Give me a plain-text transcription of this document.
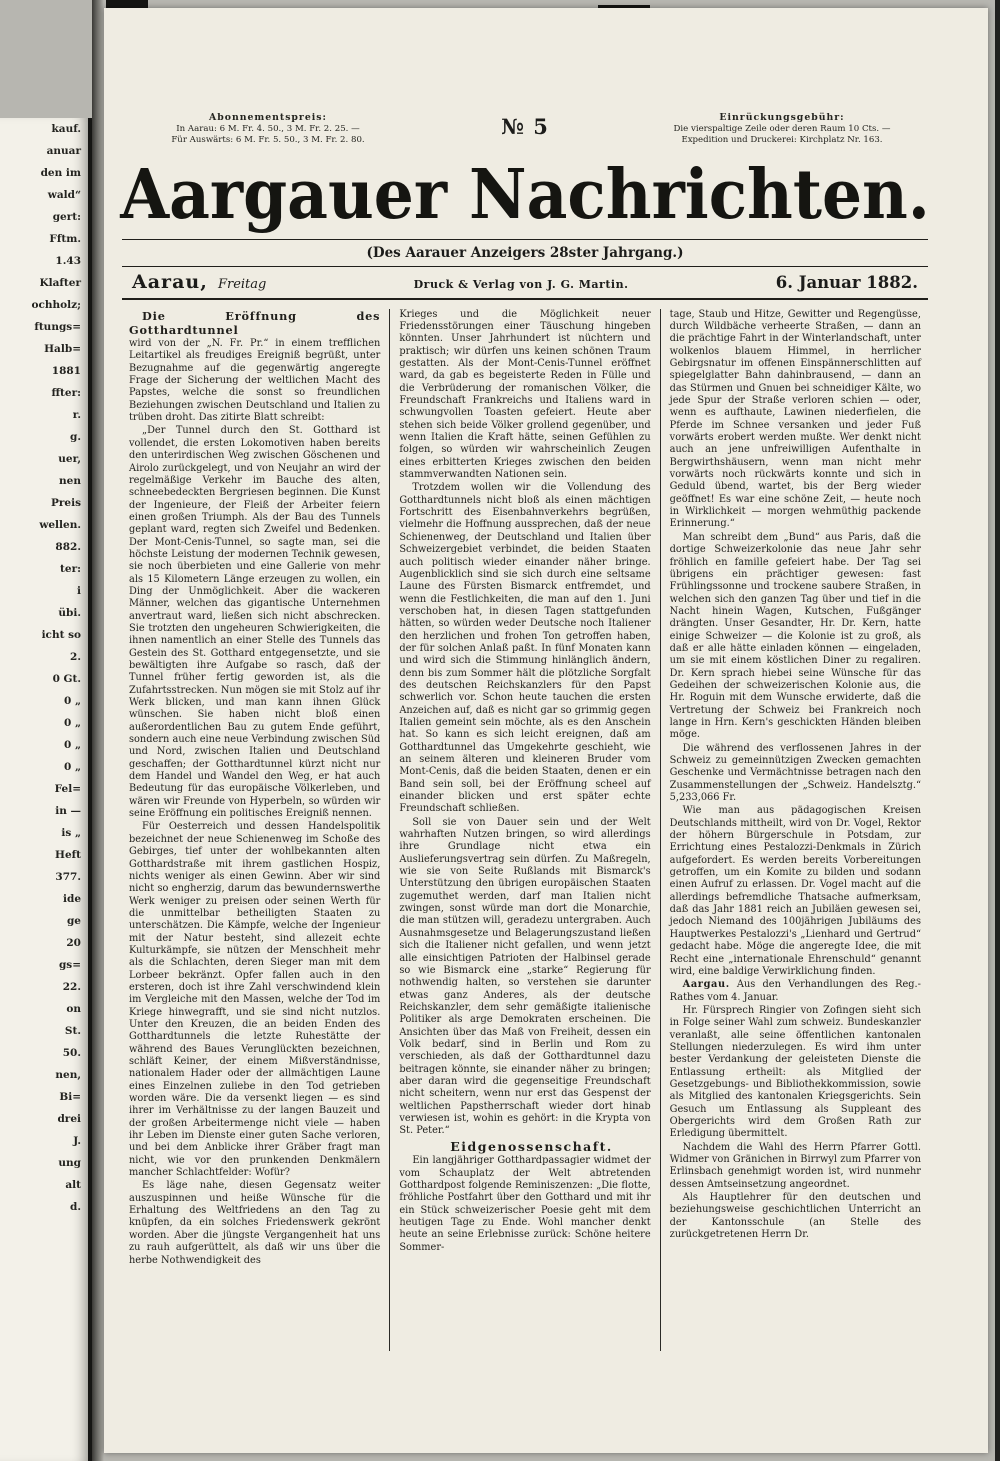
kauf.
anuar
den im
wald“
gert:
Fftm.
1.43
Klafter
ochholz;
ftungs=
Halb=
1881
ffter:
r.
g.
uer,
nen
Preis
wellen.
882.
ter:
i
übi.
icht so
2.
0 Gt.
0 „
0 „
0 „
0 „
Fel=
in —
is „
Heft
377.
ide
ge
20
gs=
22.
on
St.
50.
nen,
Bi=
drei
J.
ung
alt
d.
Abonnementspreis:
In Aarau: 6 M. Fr. 4. 50., 3 M. Fr. 2. 25. —
Für Auswärts: 6 M. Fr. 5. 50., 3 M. Fr. 2. 80.
№ 5	Einrückungsgebühr:
Die vierspaltige Zeile oder deren Raum 10 Cts. —
Expedition und Druckerei: Kirchplatz Nr. 163.
Aargauer Nachrichten.
(Des Aarauer Anzeigers 28ster Jahrgang.)
Aarau, Freitag	Druck & Verlag von J. G. Martin.	6. Januar 1882.

Die Eröffnung des Gotthardtunnel

wird von der „N. Fr. Pr.“ in einem trefflichen Leitartikel als freudiges Ereigniß begrüßt, unter Bezugnahme auf die gegenwärtig angeregte Frage der Sicherung der weltlichen Macht des Papstes, welche die sonst so freundlichen Beziehungen zwischen Deutschland und Italien zu trüben droht. Das zitirte Blatt schreibt:

„Der Tunnel durch den St. Gotthard ist vollendet, die ersten Lokomotiven haben bereits den unterirdischen Weg zwischen Göschenen und Airolo zurückgelegt, und von Neujahr an wird der regelmäßige Verkehr im Bauche des alten, schneebedeckten Bergriesen beginnen. Die Kunst der Ingenieure, der Fleiß der Arbeiter feiern einen großen Triumph. Als der Bau des Tunnels geplant ward, regten sich Zweifel und Bedenken. Der Mont-Cenis-Tunnel, so sagte man, sei die höchste Leistung der modernen Technik gewesen, sie noch überbieten und eine Gallerie von mehr als 15 Kilometern Länge erzeugen zu wollen, ein Ding der Unmöglichkeit. Aber die wackeren Männer, welchen das gigantische Unternehmen anvertraut ward, ließen sich nicht abschrecken. Sie trotzten den ungeheuren Schwierigkeiten, die ihnen namentlich an einer Stelle des Tunnels das Gestein des St. Gotthard entgegensetzte, und sie bewältigten ihre Aufgabe so rasch, daß der Tunnel früher fertig geworden ist, als die Zufahrtsstrecken. Nun mögen sie mit Stolz auf ihr Werk blicken, und man kann ihnen Glück wünschen. Sie haben nicht bloß einen außerordentlichen Bau zu gutem Ende geführt, sondern auch eine neue Verbindung zwischen Süd und Nord, zwischen Italien und Deutschland geschaffen; der Gotthardtunnel kürzt nicht nur dem Handel und Wandel den Weg, er hat auch Bedeutung für das europäische Völkerleben, und wären wir Freunde von Hyperbeln, so würden wir seine Eröffnung ein politisches Ereigniß nennen.

Für Oesterreich und dessen Handelspolitik bezeichnet der neue Schienenweg im Schoße des Gebirges, tief unter der wohlbekannten alten Gotthardstraße mit ihrem gastlichen Hospiz, nichts weniger als einen Gewinn. Aber wir sind nicht so engherzig, darum das bewundernswerthe Werk weniger zu preisen oder seinen Werth für die unmittelbar betheiligten Staaten zu unterschätzen. Die Kämpfe, welche der Ingenieur mit der Natur besteht, sind allezeit echte Kulturkämpfe, sie nützen der Menschheit mehr als die Schlachten, deren Sieger man mit dem Lorbeer bekränzt. Opfer fallen auch in den ersteren, doch ist ihre Zahl verschwindend klein im Vergleiche mit den Massen, welche der Tod im Kriege hinwegrafft, und sie sind nicht nutzlos. Unter den Kreuzen, die an beiden Enden des Gotthardtunnels die letzte Ruhestätte der während des Baues Verunglückten bezeichnen, schläft Keiner, der einem Mißverständnisse, nationalem Hader oder der allmächtigen Laune eines Einzelnen zuliebe in den Tod getrieben worden wäre. Die da versenkt liegen — es sind ihrer im Verhältnisse zu der langen Bauzeit und der großen Arbeitermenge nicht viele — haben ihr Leben im Dienste einer guten Sache verloren, und bei dem Anblicke ihrer Gräber fragt man nicht, wie vor den prunkenden Denkmälern mancher Schlachtfelder: Wofür?

Es läge nahe, diesen Gegensatz weiter auszuspinnen und heiße Wünsche für die Erhaltung des Weltfriedens an den Tag zu knüpfen, da ein solches Friedenswerk gekrönt worden. Aber die jüngste Vergangenheit hat uns zu rauh aufgerüttelt, als daß wir uns über die herbe Nothwendigkeit des

Krieges und die Möglichkeit neuer Friedensstörungen einer Täuschung hingeben könnten. Unser Jahrhundert ist nüchtern und praktisch; wir dürfen uns keinen schönen Traum gestatten. Als der Mont-Cenis-Tunnel eröffnet ward, da gab es begeisterte Reden in Fülle und die Verbrüderung der romanischen Völker, die Freundschaft Frankreichs und Italiens ward in schwungvollen Toasten gefeiert. Heute aber stehen sich beide Völker grollend gegenüber, und wenn Italien die Kraft hätte, seinen Gefühlen zu folgen, so würden wir wahrscheinlich Zeugen eines erbitterten Krieges zwischen den beiden stammverwandten Nationen sein.

Trotzdem wollen wir die Vollendung des Gotthardtunnels nicht bloß als einen mächtigen Fortschritt des Eisenbahnverkehrs begrüßen, vielmehr die Hoffnung aussprechen, daß der neue Schienenweg, der Deutschland und Italien über Schweizergebiet verbindet, die beiden Staaten auch politisch wieder einander näher bringe. Augenblicklich sind sie sich durch eine seltsame Laune des Fürsten Bismarck entfremdet, und wenn die Festlichkeiten, die man auf den 1. Juni verschoben hat, in diesen Tagen stattgefunden hätten, so würden weder Deutsche noch Italiener den herzlichen und frohen Ton getroffen haben, der für solchen Anlaß paßt. In fünf Monaten kann und wird sich die Stimmung hinlänglich ändern, denn bis zum Sommer hält die plötzliche Sorgfalt des deutschen Reichskanzlers für den Papst schwerlich vor. Schon heute tauchen die ersten Anzeichen auf, daß es nicht gar so grimmig gegen Italien gemeint sein möchte, als es den Anschein hat. So kann es sich leicht ereignen, daß am Gotthardtunnel das Umgekehrte geschieht, wie an seinem älteren und kleineren Bruder vom Mont-Cenis, daß die beiden Staaten, denen er ein Band sein soll, bei der Eröffnung scheel auf einander blicken und erst später echte Freundschaft schließen.

Soll sie von Dauer sein und der Welt wahrhaften Nutzen bringen, so wird allerdings ihre Grundlage nicht etwa ein Auslieferungsvertrag sein dürfen. Zu Maßregeln, wie sie von Seite Rußlands mit Bismarck's Unterstützung den übrigen europäischen Staaten zugemuthet werden, darf man Italien nicht zwingen, sonst würde man dort die Monarchie, die man stützen will, geradezu untergraben. Auch Ausnahmsgesetze und Belagerungszustand ließen sich die Italiener nicht gefallen, und wenn jetzt alle einsichtigen Patrioten der Halbinsel gerade so wie Bismarck eine „starke“ Regierung für nothwendig halten, so verstehen sie darunter etwas ganz Anderes, als der deutsche Reichskanzler, dem sehr gemäßigte italienische Politiker als arge Demokraten erscheinen. Die Ansichten über das Maß von Freiheit, dessen ein Volk bedarf, sind in Berlin und Rom zu verschieden, als daß der Gotthardtunnel dazu beitragen könnte, sie einander näher zu bringen; aber daran wird die gegenseitige Freundschaft nicht scheitern, wenn nur erst das Gespenst der weltlichen Papstherrschaft wieder dort hinab verwiesen ist, wohin es gehört: in die Krypta von St. Peter.“

Eidgenossenschaft.

Ein langjähriger Gotthardpassagier widmet der vom Schauplatz der Welt abtretenden Gotthardpost folgende Reminiszenzen: „Die flotte, fröhliche Postfahrt über den Gotthard und mit ihr ein Stück schweizerischer Poesie geht mit dem heutigen Tage zu Ende. Wohl mancher denkt heute an seine Erlebnisse zurück: Schöne heitere Sommer-

tage, Staub und Hitze, Gewitter und Regengüsse, durch Wildbäche verheerte Straßen, — dann an die prächtige Fahrt in der Winterlandschaft, unter wolkenlos blauem Himmel, in herrlicher Gebirgsnatur im offenen Einspännerschlitten auf spiegelglatter Bahn dahinbrausend, — dann an das Stürmen und Gnuen bei schneidiger Kälte, wo jede Spur der Straße verloren schien — oder, wenn es aufthaute, Lawinen niederfielen, die Pferde im Schnee versanken und jeder Fuß vorwärts erobert werden mußte. Wer denkt nicht auch an jene unfreiwilligen Aufenthalte in Bergwirthshäusern, wenn man nicht mehr vorwärts noch rückwärts konnte und sich in Geduld übend, wartet, bis der Berg wieder geöffnet! Es war eine schöne Zeit, — heute noch in Wirklichkeit — morgen wehmüthig packende Erinnerung.“

Man schreibt dem „Bund“ aus Paris, daß die dortige Schweizerkolonie das neue Jahr sehr fröhlich en famille gefeiert habe. Der Tag sei übrigens ein prächtiger gewesen: fast Frühlingssonne und trockene saubere Straßen, in welchen sich den ganzen Tag über und tief in die Nacht hinein Wagen, Kutschen, Fußgänger drängten. Unser Gesandter, Hr. Dr. Kern, hatte einige Schweizer — die Kolonie ist zu groß, als daß er alle hätte einladen können — eingeladen, um sie mit einem köstlichen Diner zu regaliren. Dr. Kern sprach hiebei seine Wünsche für das Gedeihen der schweizerischen Kolonie aus, die Hr. Roguin mit dem Wunsche erwiderte, daß die Vertretung der Schweiz bei Frankreich noch lange in Hrn. Kern's geschickten Händen bleiben möge.

Die während des verflossenen Jahres in der Schweiz zu gemeinnützigen Zwecken gemachten Geschenke und Vermächtnisse betragen nach den Zusammenstellungen der „Schweiz. Handelsztg.“ 5,233,066 Fr.

Wie man aus pädagogischen Kreisen Deutschlands mittheilt, wird von Dr. Vogel, Rektor der höhern Bürgerschule in Potsdam, zur Errichtung eines Pestalozzi-Denkmals in Zürich aufgefordert. Es werden bereits Vorbereitungen getroffen, um ein Komite zu bilden und sodann einen Aufruf zu erlassen. Dr. Vogel macht auf die allerdings befremdliche Thatsache aufmerksam, daß das Jahr 1881 reich an Jubiläen gewesen sei, jedoch Niemand des 100jährigen Jubiläums des Hauptwerkes Pestalozzi's „Lienhard und Gertrud“ gedacht habe. Möge die angeregte Idee, die mit Recht eine „internationale Ehrenschuld“ genannt wird, eine baldige Verwirklichung finden.

Aargau. Aus den Verhandlungen des Reg.-Rathes vom 4. Januar.

Hr. Fürsprech Ringier von Zofingen sieht sich in Folge seiner Wahl zum schweiz. Bundeskanzler veranlaßt, alle seine öffentlichen kantonalen Stellungen niederzulegen. Es wird ihm unter bester Verdankung der geleisteten Dienste die Entlassung ertheilt: als Mitglied der Gesetzgebungs- und Bibliothekkommission, sowie als Mitglied des kantonalen Kriegsgerichts. Sein Gesuch um Entlassung als Suppleant des Obergerichts wird dem Großen Rath zur Erledigung übermittelt.

Nachdem die Wahl des Herrn Pfarrer Gottl. Widmer von Gränichen in Birrwyl zum Pfarrer von Erlinsbach genehmigt worden ist, wird nunmehr dessen Amtseinsetzung angeordnet.

Als Hauptlehrer für den deutschen und beziehungsweise geschichtlichen Unterricht an der Kantonsschule (an Stelle des zurückgetretenen Herrn Dr.
